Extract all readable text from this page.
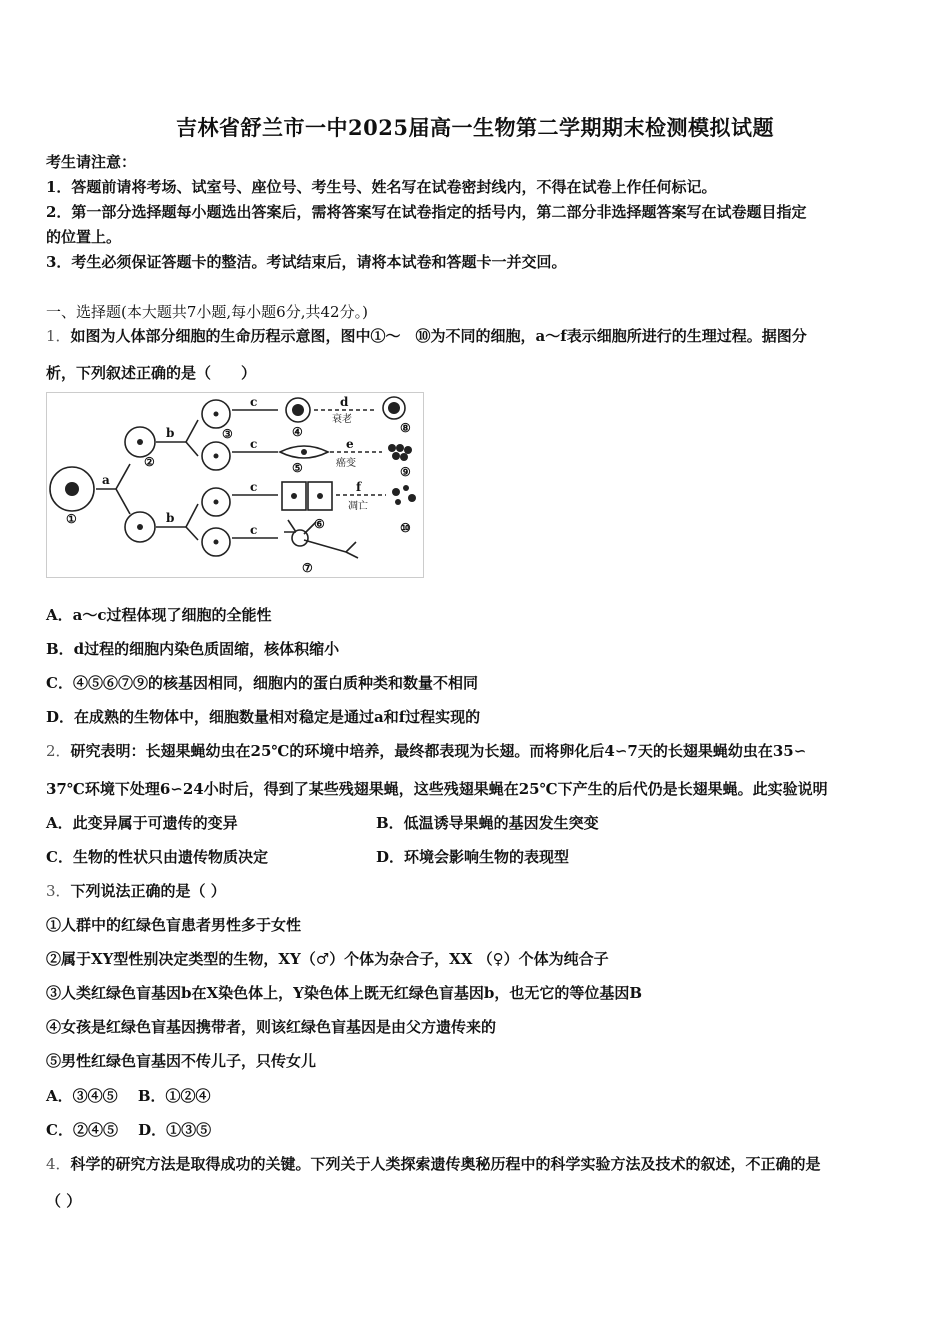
吉林省舒兰市一中2025届高一生物第二学期期末检测模拟试题
考生请注意：
1．答题前请将考场、试室号、座位号、考生号、姓名写在试卷密封线内，不得在试卷上作任何标记。
2．第一部分选择题每小题选出答案后，需将答案写在试卷指定的括号内，第二部分非选择题答案写在试卷题目指定
的位置上。
3．考生必须保证答题卡的整洁。考试结束后，请将本试卷和答题卡一并交回。
一、选择题(本大题共7小题,每小题6分,共42分。)
1．如图为人体部分细胞的生命历程示意图，图中①～　⑩为不同的细胞，a～f表示细胞所进行的生理过程。据图分
析，下列叙述正确的是（　　）
①
②
③	④
⑤
⑥
⑦
⑧
⑨
⑩
a
b
b
c
c
c
c
d
e
f
衰老
癌变
凋亡
A．a～c过程体现了细胞的全能性
B．d过程的细胞内染色质固缩，核体积缩小
C．④⑤⑥⑦⑨的核基因相同，细胞内的蛋白质种类和数量不相同
D．在成熟的生物体中，细胞数量相对稳定是通过a和f过程实现的
2．研究表明：长翅果蝇幼虫在25℃的环境中培养，最终都表现为长翅。而将卵化后4∽7天的长翅果蝇幼虫在35∽
37℃环境下处理6∽24小时后，得到了某些残翅果蝇，这些残翅果蝇在25℃下产生的后代仍是长翅果蝇。此实验说明
A．此变异属于可遗传的变异	B．低温诱导果蝇的基因发生突变
C．生物的性状只由遗传物质决定	D．环境会影响生物的表现型
3．下列说法正确的是（ ）
①人群中的红绿色盲患者男性多于女性
②属于XY型性别决定类型的生物，XY（♂）个体为杂合子，XX （♀）个体为纯合子
③人类红绿色盲基因b在X染色体上，Y染色体上既无红绿色盲基因b，也无它的等位基因B
④女孩是红绿色盲基因携带者，则该红绿色盲基因是由父方遗传来的
⑤男性红绿色盲基因不传儿子，只传女儿
A．③④⑤　 B．①②④
C．②④⑤　 D．①③⑤
4．科学的研究方法是取得成功的关键。下列关于人类探索遗传奥秘历程中的科学实验方法及技术的叙述，不正确的是
（ ）
